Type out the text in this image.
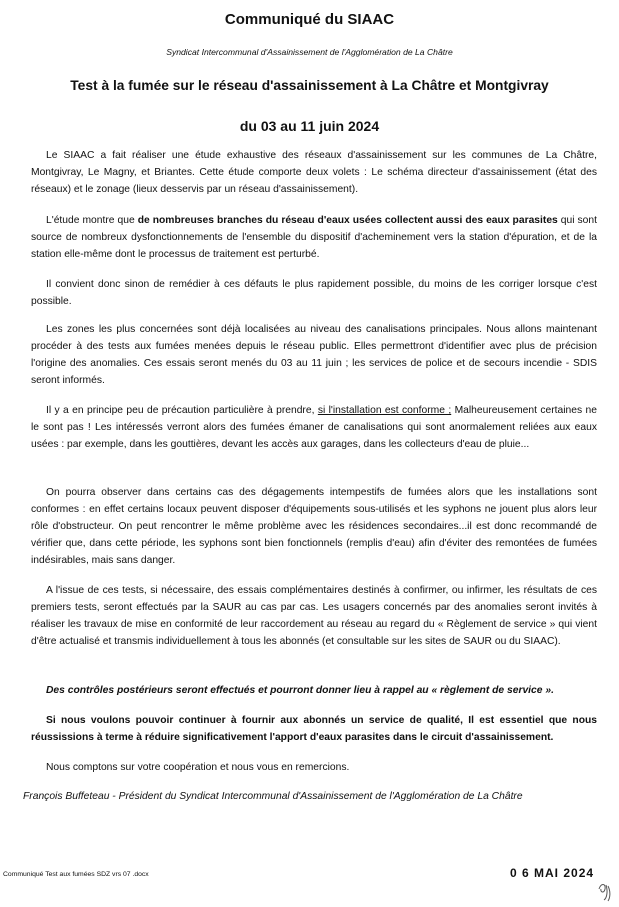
Communiqué du SIAAC
Syndicat Intercommunal d'Assainissement de l'Agglomération de La Châtre
Test à la fumée sur le réseau d'assainissement à La Châtre et Montgivray
du 03 au 11 juin 2024

Le SIAAC a fait réaliser une étude exhaustive des réseaux d'assainissement sur les communes de La Châtre, Montgivray, Le Magny, et Briantes. Cette étude comporte deux volets : Le schéma directeur d'assainissement (état des réseaux) et le zonage (lieux desservis par un réseau d'assainissement).

L'étude montre que de nombreuses branches du réseau d'eaux usées collectent aussi des eaux parasites qui sont source de nombreux dysfonctionnements de l'ensemble du dispositif d'acheminement vers la station d'épuration, et de la station elle-même dont le processus de traitement est perturbé.

Il convient donc sinon de remédier à ces défauts le plus rapidement possible, du moins de les corriger lorsque c'est possible.

Les zones les plus concernées sont déjà localisées au niveau des canalisations principales. Nous allons maintenant procéder à des tests aux fumées menées depuis le réseau public. Elles permettront d'identifier avec plus de précision l'origine des anomalies. Ces essais seront menés du 03 au 11 juin ; les services de police et de secours incendie - SDIS seront informés.

Il y a en principe peu de précaution particulière à prendre, si l'installation est conforme ; Malheureusement certaines ne le sont pas ! Les intéressés verront alors des fumées émaner de canalisations qui sont anormalement reliées aux eaux usées : par exemple, dans les gouttières, devant les accès aux garages, dans les collecteurs d'eau de pluie...

On pourra observer dans certains cas des dégagements intempestifs de fumées alors que les installations sont conformes : en effet certains locaux peuvent disposer d'équipements sous-utilisés et les syphons ne jouent plus alors leur rôle d'obstructeur. On peut rencontrer le même problème avec les résidences secondaires...il est donc recommandé de vérifier que, dans cette période, les syphons sont bien fonctionnels (remplis d'eau) afin d'éviter des remontées de fumées indésirables, mais sans danger.

A l'issue de ces tests, si nécessaire, des essais complémentaires destinés à confirmer, ou infirmer, les résultats de ces premiers tests, seront effectués par la SAUR au cas par cas. Les usagers concernés par des anomalies seront invités à réaliser les travaux de mise en conformité de leur raccordement au réseau au regard du « Règlement de service » qui vient d'être actualisé et transmis individuellement à tous les abonnés (et consultable sur les sites de SAUR ou du SIAAC).

Des contrôles postérieurs seront effectués et pourront donner lieu à rappel au « règlement de service ».

Si nous voulons pouvoir continuer à fournir aux abonnés un service de qualité, Il est essentiel que nous réussissions à terme à réduire significativement l'apport d'eaux parasites dans le circuit d'assainissement.

Nous comptons sur votre coopération et nous vous en remercions.

François Buffeteau - Président du Syndicat Intercommunal d'Assainissement de l'Agglomération de La Châtre

Communiqué Test aux fumées SDZ vrs 07 .docx	0 6 MAI 2024
